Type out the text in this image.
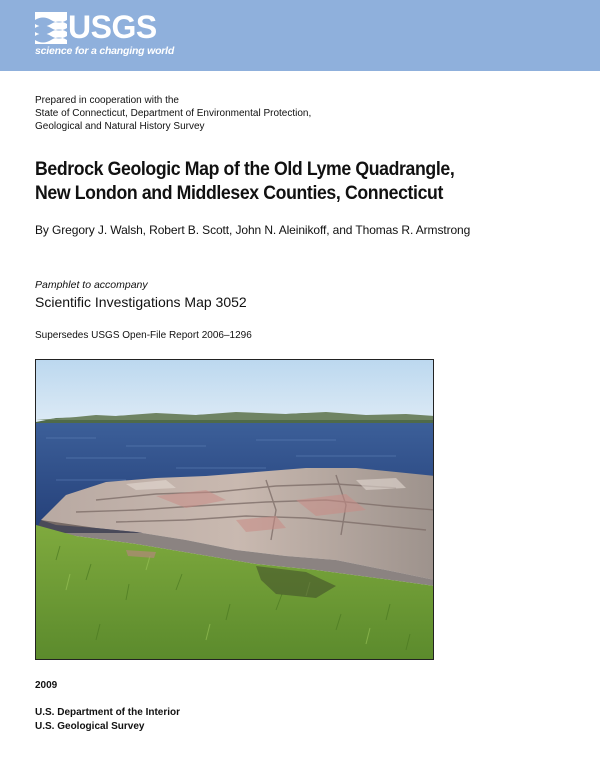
USGS
science for a changing world
Prepared in cooperation with the
State of Connecticut, Department of Environmental Protection,
Geological and Natural History Survey
Bedrock Geologic Map of the Old Lyme Quadrangle,
New London and Middlesex Counties, Connecticut
By Gregory J. Walsh, Robert B. Scott, John N. Aleinikoff, and Thomas R. Armstrong
Pamphlet to accompany
Scientific Investigations Map 3052
Supersedes USGS Open-File Report 2006–1296
2009
U.S. Department of the Interior
U.S. Geological Survey
